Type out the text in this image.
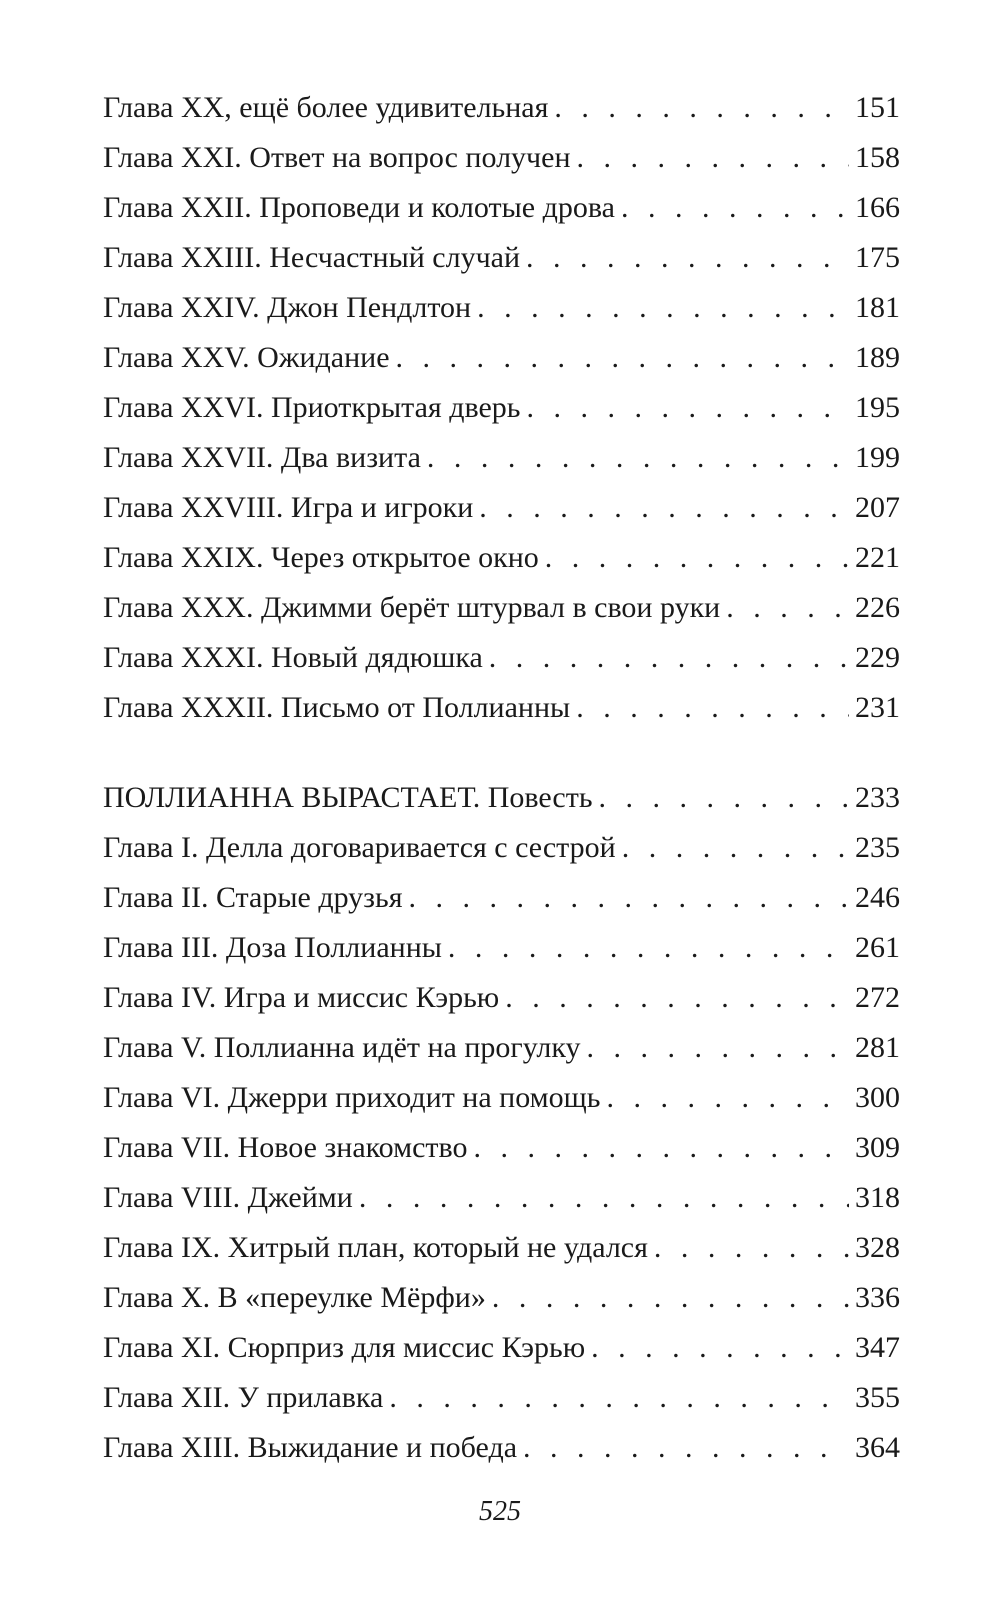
Глава XX, ещё более удивительная . . .	151
Глава XXI. Ответ на вопрос получен . . .	158
Глава XXII. Проповеди и колотые дрова . . .	166
Глава XXIII. Несчастный случай . . .	175
Глава XXIV. Джон Пендлтон . . .	181
Глава XXV. Ожидание . . .	189
Глава XXVI. Приоткрытая дверь . . .	195
Глава XXVII. Два визита . . .	199
Глава XXVIII. Игра и игроки . . .	207
Глава XXIX. Через открытое окно . . .	221
Глава XXX. Джимми берёт штурвал в свои руки . . .	226
Глава XXXI. Новый дядюшка . . .	229
Глава XXXII. Письмо от Поллианны . . .	231
ПОЛЛИАННА ВЫРАСТАЕТ. Повесть . . .	233
Глава I. Делла договаривается с сестрой . . .	235
Глава II. Старые друзья . . .	246
Глава III. Доза Поллианны . . .	261
Глава IV. Игра и миссис Кэрью . . .	272
Глава V. Поллианна идёт на прогулку . . .	281
Глава VI. Джерри приходит на помощь . . .	300
Глава VII. Новое знакомство . . .	309
Глава VIII. Джейми . . .	318
Глава IX. Хитрый план, который не удался . . .	328
Глава X. В «переулке Мёрфи» . . .	336
Глава XI. Сюрприз для миссис Кэрью . . .	347
Глава XII. У прилавка . . .	355
Глава XIII. Выжидание и победа . . .	364
525
